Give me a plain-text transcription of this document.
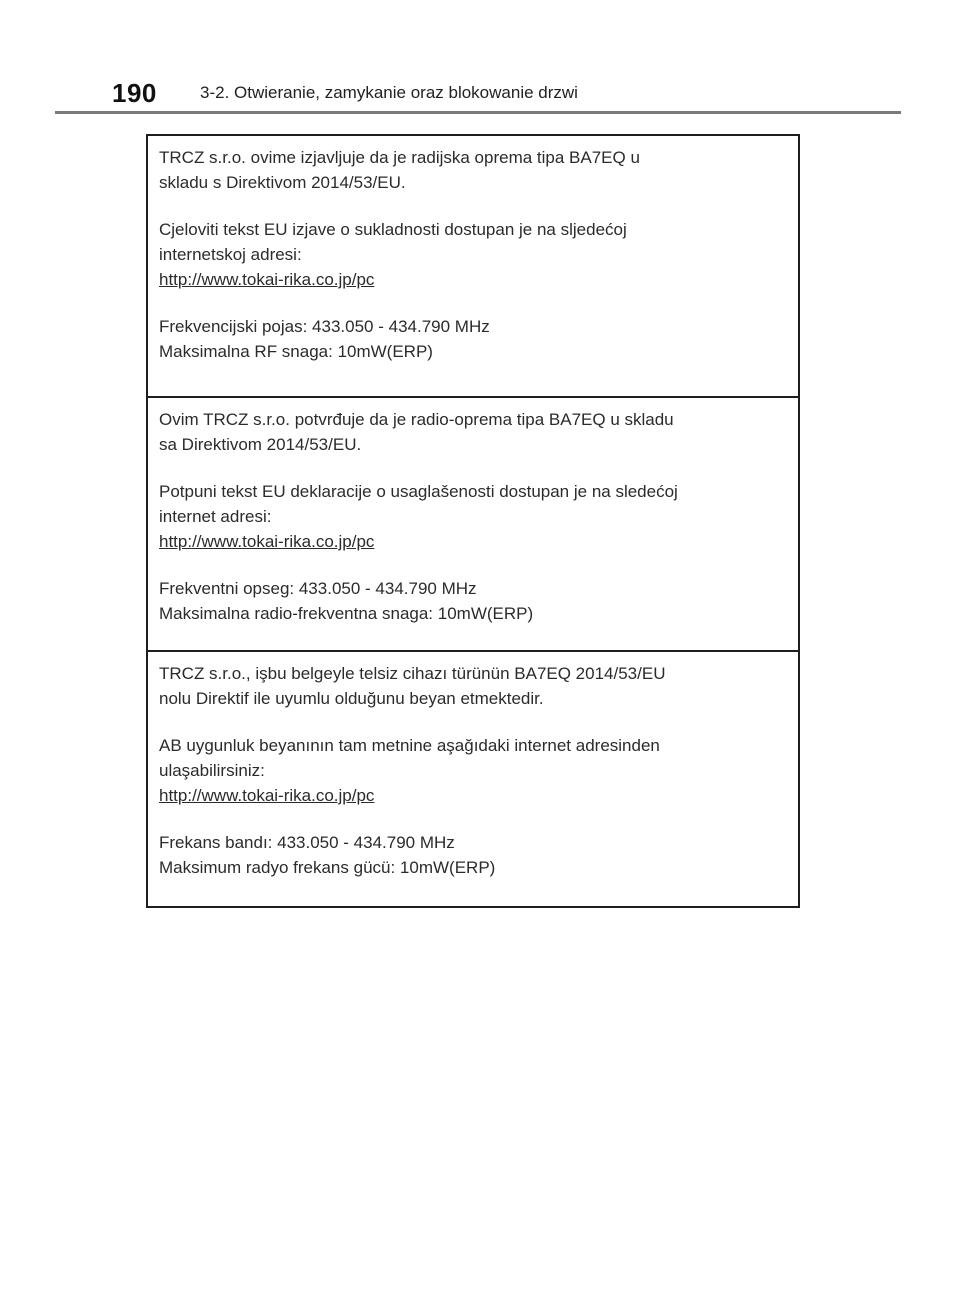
190	3-2. Otwieranie, zamykanie oraz blokowanie drzwi

TRCZ s.r.o. ovime izjavljuje da je radijska oprema tipa BA7EQ u

skladu s Direktivom 2014/53/EU.

Cjeloviti tekst EU izjave o sukladnosti dostupan je na sljedećoj

internetskoj adresi:

http://www.tokai-rika.co.jp/pc

Frekvencijski pojas: 433.050 - 434.790 MHz

Maksimalna RF snaga: 10mW(ERP)

Ovim TRCZ s.r.o. potvrđuje da je radio-oprema tipa BA7EQ u skladu

sa Direktivom 2014/53/EU.

Potpuni tekst EU deklaracije o usaglašenosti dostupan je na sledećoj

internet adresi:

http://www.tokai-rika.co.jp/pc

Frekventni opseg: 433.050 - 434.790 MHz

Maksimalna radio-frekventna snaga: 10mW(ERP)

TRCZ s.r.o., işbu belgeyle telsiz cihazı türünün BA7EQ 2014/53/EU

nolu Direktif ile uyumlu olduğunu beyan etmektedir.

AB uygunluk beyanının tam metnine aşağıdaki internet adresinden

ulaşabilirsiniz:

http://www.tokai-rika.co.jp/pc

Frekans bandı: 433.050 - 434.790 MHz

Maksimum radyo frekans gücü: 10mW(ERP)
